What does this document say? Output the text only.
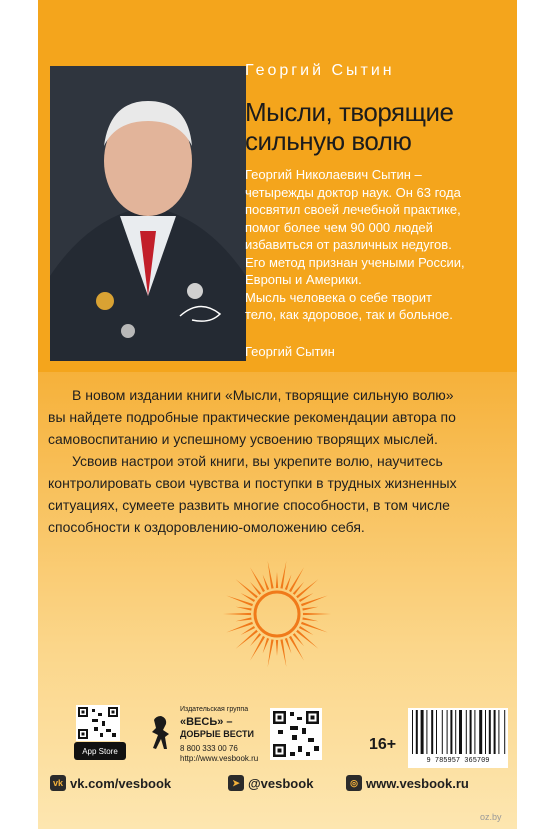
Георгий Сытин
Мысли, творящие
сильную волю
Георгий Николаевич Сытин –
четырежды доктор наук. Он 63 года
посвятил своей лечебной практике,
помог более чем 90 000 людей
избавиться от различных недугов.
Его метод признан учеными России,
Европы и Америки.
Мысль человека о себе творит
тело, как здоровое, так и больное.
Георгий Сытин
В новом издании книги «Мысли, творящие сильную волю»
вы найдете подробные практические рекомендации автора по
самовоспитанию и успешному усвоению творящих мыслей.
Усвоив настрои этой книги, вы укрепите волю, научитесь
контролировать свои чувства и поступки в трудных жизненных
ситуациях, сумеете развить многие способности, в том числе
способности к оздоровлению-омоложению себя.
App Store
Издательская группа
«ВЕСЬ» –
ДОБРЫЕ ВЕСТИ
8 800 333 00 76
http://www.vesbook.ru
16+
9 785957 365709
vk vk.com/vesbook	➤ @vesbook	◎ www.vesbook.ru
oz.by
